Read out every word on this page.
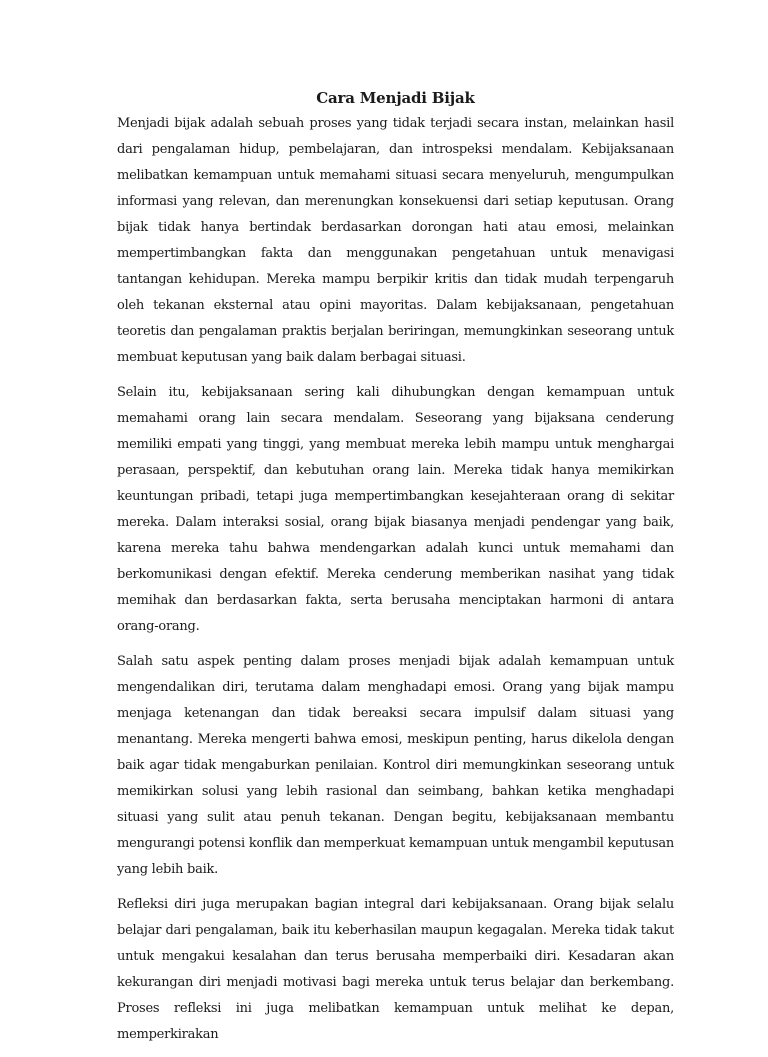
Cara Menjadi Bijak

Menjadi bijak adalah sebuah proses yang tidak terjadi secara instan, melainkan hasil dari pengalaman hidup, pembelajaran, dan introspeksi mendalam. Kebijaksanaan melibatkan kemampuan untuk memahami situasi secara menyeluruh, mengumpulkan informasi yang relevan, dan merenungkan konsekuensi dari setiap keputusan. Orang bijak tidak hanya bertindak berdasarkan dorongan hati atau emosi, melainkan mempertimbangkan fakta dan menggunakan pengetahuan untuk menavigasi tantangan kehidupan. Mereka mampu berpikir kritis dan tidak mudah terpengaruh oleh tekanan eksternal atau opini mayoritas. Dalam kebijaksanaan, pengetahuan teoretis dan pengalaman praktis berjalan beriringan, memungkinkan seseorang untuk membuat keputusan yang baik dalam berbagai situasi.

Selain itu, kebijaksanaan sering kali dihubungkan dengan kemampuan untuk memahami orang lain secara mendalam. Seseorang yang bijaksana cenderung memiliki empati yang tinggi, yang membuat mereka lebih mampu untuk menghargai perasaan, perspektif, dan kebutuhan orang lain. Mereka tidak hanya memikirkan keuntungan pribadi, tetapi juga mempertimbangkan kesejahteraan orang di sekitar mereka. Dalam interaksi sosial, orang bijak biasanya menjadi pendengar yang baik, karena mereka tahu bahwa mendengarkan adalah kunci untuk memahami dan berkomunikasi dengan efektif. Mereka cenderung memberikan nasihat yang tidak memihak dan berdasarkan fakta, serta berusaha menciptakan harmoni di antara orang-orang.

Salah satu aspek penting dalam proses menjadi bijak adalah kemampuan untuk mengendalikan diri, terutama dalam menghadapi emosi. Orang yang bijak mampu menjaga ketenangan dan tidak bereaksi secara impulsif dalam situasi yang menantang. Mereka mengerti bahwa emosi, meskipun penting, harus dikelola dengan baik agar tidak mengaburkan penilaian. Kontrol diri memungkinkan seseorang untuk memikirkan solusi yang lebih rasional dan seimbang, bahkan ketika menghadapi situasi yang sulit atau penuh tekanan. Dengan begitu, kebijaksanaan membantu mengurangi potensi konflik dan memperkuat kemampuan untuk mengambil keputusan yang lebih baik.

Refleksi diri juga merupakan bagian integral dari kebijaksanaan. Orang bijak selalu belajar dari pengalaman, baik itu keberhasilan maupun kegagalan. Mereka tidak takut untuk mengakui kesalahan dan terus berusaha memperbaiki diri. Kesadaran akan kekurangan diri menjadi motivasi bagi mereka untuk terus belajar dan berkembang. Proses refleksi ini juga melibatkan kemampuan untuk melihat ke depan, memperkirakan
